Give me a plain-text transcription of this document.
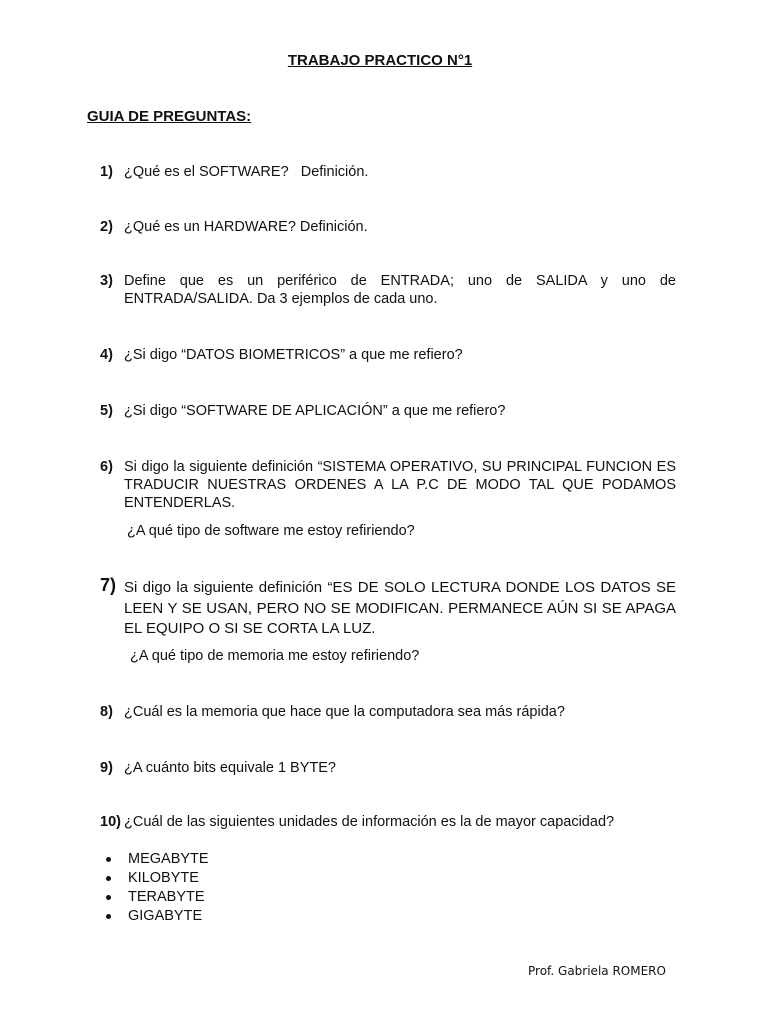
TRABAJO PRACTICO N°1
GUIA DE PREGUNTAS:
1) ¿Qué es el SOFTWARE?   Definición.
2) ¿Qué es un HARDWARE? Definición.
3) Define que es un periférico de ENTRADA; uno de SALIDA y uno de ENTRADA/SALIDA. Da 3 ejemplos de cada uno.
4) ¿Si digo “DATOS BIOMETRICOS” a que me refiero?
5) ¿Si digo “SOFTWARE DE APLICACIÓN” a que me refiero?
6) Si digo la siguiente definición “SISTEMA OPERATIVO, SU PRINCIPAL FUNCION ES TRADUCIR NUESTRAS ORDENES A LA P.C DE MODO TAL QUE PODAMOS ENTENDERLAS.
¿A qué tipo de software me estoy refiriendo?
7) Si digo la siguiente definición “ES DE SOLO LECTURA DONDE LOS DATOS SE LEEN Y SE USAN, PERO NO SE MODIFICAN. PERMANECE AÚN SI SE APAGA EL EQUIPO O SI SE CORTA LA LUZ.
¿A qué tipo de memoria me estoy refiriendo?
8) ¿Cuál es la memoria que hace que la computadora sea más rápida?
9) ¿A cuánto bits equivale 1 BYTE?
10) ¿Cuál de las siguientes unidades de información es la de mayor capacidad?
MEGABYTE
KILOBYTE
TERABYTE
GIGABYTE
Prof. Gabriela ROMERO
